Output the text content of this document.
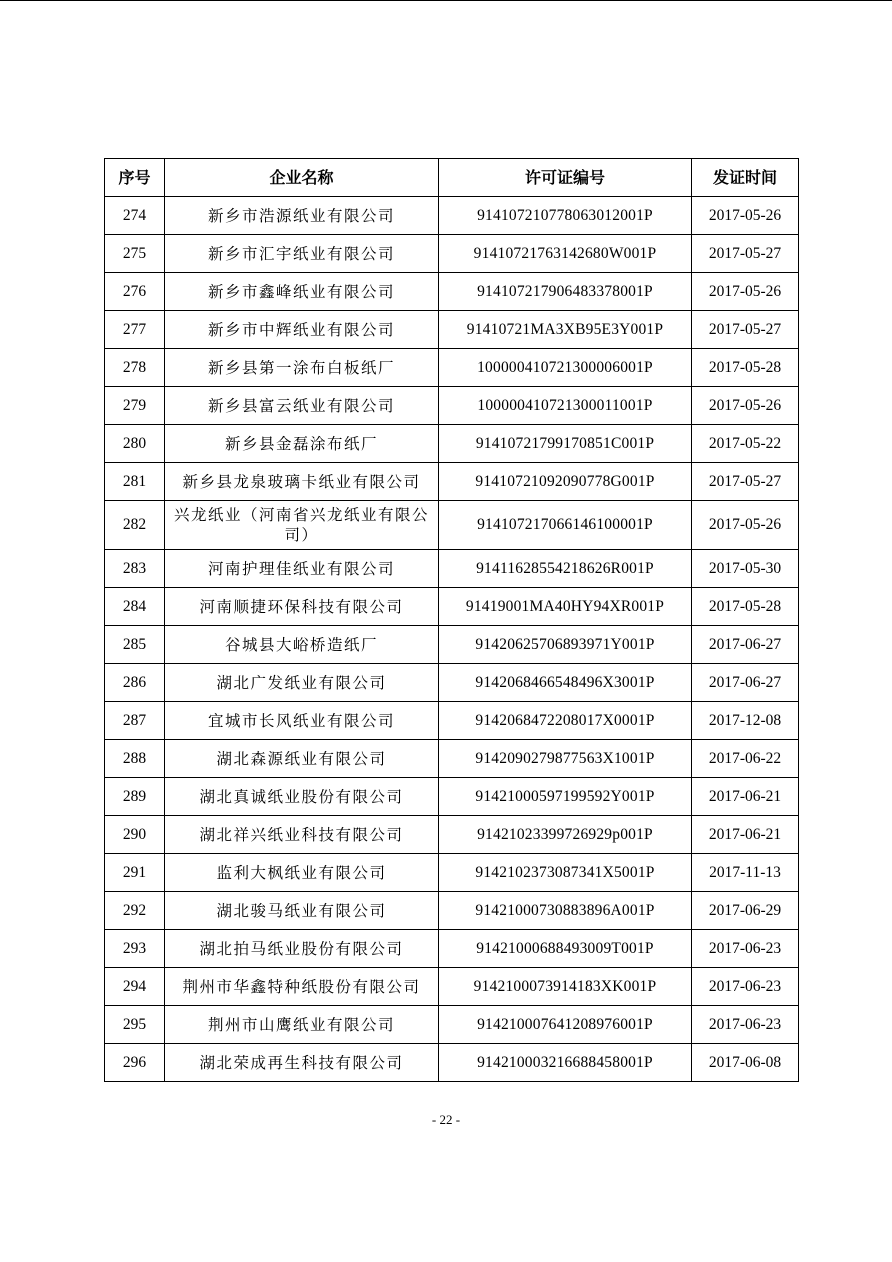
序号	企业名称	许可证编号	发证时间
274	新乡市浩源纸业有限公司	914107210778063012001P	2017-05-26
275	新乡市汇宇纸业有限公司	91410721763142680W001P	2017-05-27
276	新乡市鑫峰纸业有限公司	914107217906483378001P	2017-05-26
277	新乡市中辉纸业有限公司	91410721MA3XB95E3Y001P	2017-05-27
278	新乡县第一涂布白板纸厂	100000410721300006001P	2017-05-28
279	新乡县富云纸业有限公司	100000410721300011001P	2017-05-26
280	新乡县金磊涂布纸厂	91410721799170851C001P	2017-05-22
281	新乡县龙泉玻璃卡纸业有限公司	91410721092090778G001P	2017-05-27
282	兴龙纸业（河南省兴龙纸业有限公司）	914107217066146100001P	2017-05-26
283	河南护理佳纸业有限公司	91411628554218626R001P	2017-05-30
284	河南顺捷环保科技有限公司	91419001MA40HY94XR001P	2017-05-28
285	谷城县大峪桥造纸厂	91420625706893971Y001P	2017-06-27
286	湖北广发纸业有限公司	9142068466548496X3001P	2017-06-27
287	宜城市长风纸业有限公司	9142068472208017X0001P	2017-12-08
288	湖北森源纸业有限公司	9142090279877563X1001P	2017-06-22
289	湖北真诚纸业股份有限公司	91421000597199592Y001P	2017-06-21
290	湖北祥兴纸业科技有限公司	91421023399726929p001P	2017-06-21
291	监利大枫纸业有限公司	9142102373087341X5001P	2017-11-13
292	湖北骏马纸业有限公司	91421000730883896A001P	2017-06-29
293	湖北拍马纸业股份有限公司	91421000688493009T001P	2017-06-23
294	荆州市华鑫特种纸股份有限公司	9142100073914183XK001P	2017-06-23
295	荆州市山鹰纸业有限公司	914210007641208976001P	2017-06-23
296	湖北荣成再生科技有限公司	914210003216688458001P	2017-06-08
- 22 -
